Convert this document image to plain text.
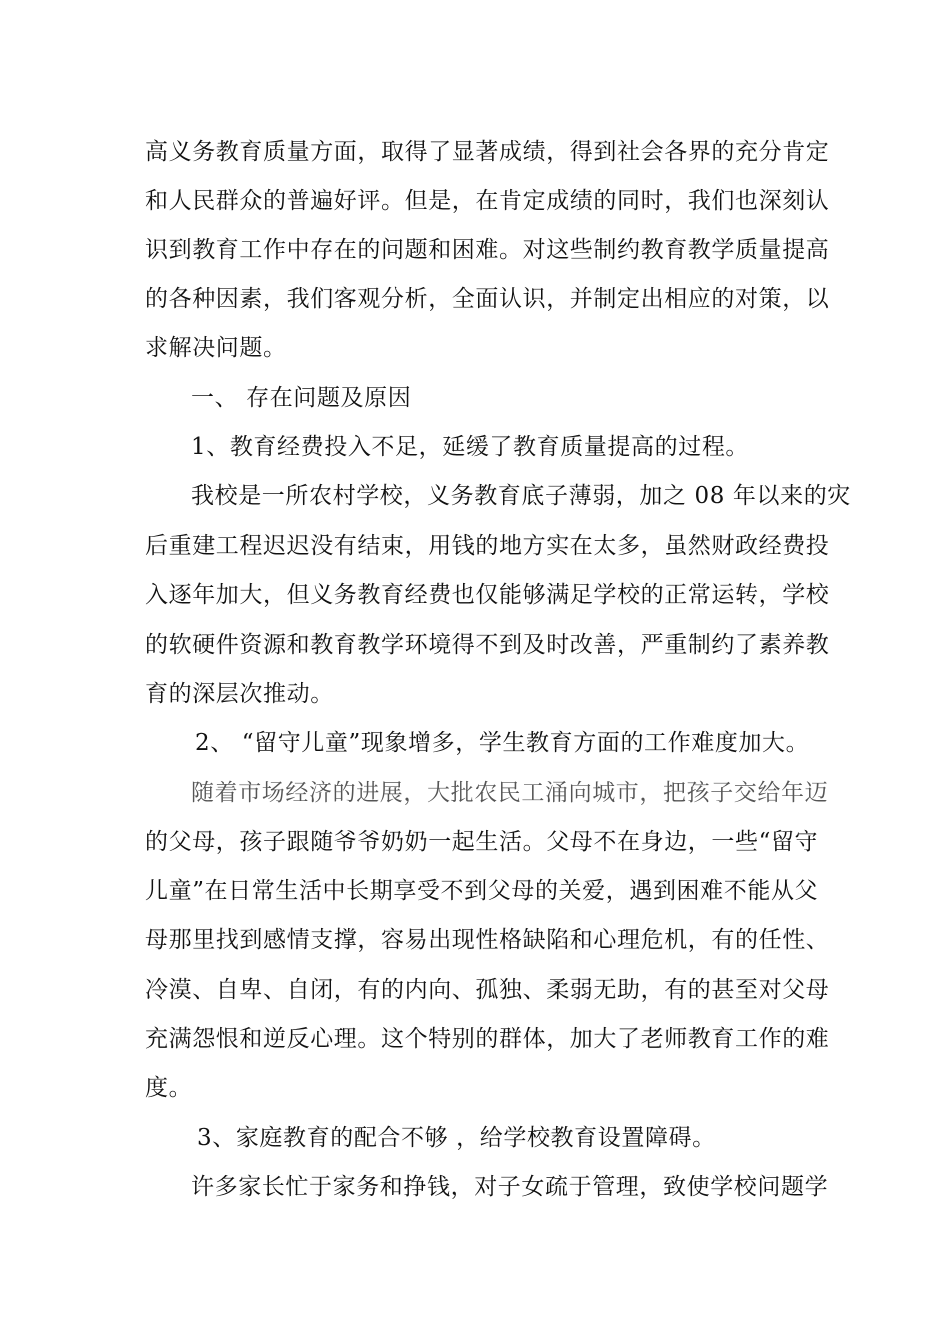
高义务教育质量方面，取得了显著成绩，得到社会各界的充分肯定
和人民群众的普遍好评。但是，在肯定成绩的同时，我们也深刻认
识到教育工作中存在的问题和困难。对这些制约教育教学质量提高
的各种因素，我们客观分析，全面认识，并制定出相应的对策，以
求解决问题。
一、 存在问题及原因
1、教育经费投入不足，延缓了教育质量提高的过程。
我校是一所农村学校，义务教育底子薄弱，加之 08 年以来的灾
后重建工程迟迟没有结束，用钱的地方实在太多，虽然财政经费投
入逐年加大，但义务教育经费也仅能够满足学校的正常运转，学校
的软硬件资源和教育教学环境得不到及时改善，严重制约了素养教
育的深层次推动。
2、 “留守儿童”现象增多，学生教育方面的工作难度加大。
随着市场经济的进展，大批农民工涌向城市，把孩子交给年迈
的父母，孩子跟随爷爷奶奶一起生活。父母不在身边，一些“留守
儿童”在日常生活中长期享受不到父母的关爱，遇到困难不能从父
母那里找到感情支撑，容易出现性格缺陷和心理危机，有的任性、
冷漠、自卑、自闭，有的内向、孤独、柔弱无助，有的甚至对父母
充满怨恨和逆反心理。这个特别的群体，加大了老师教育工作的难
度。
3、家庭教育的配合不够 ，给学校教育设置障碍。
许多家长忙于家务和挣钱，对子女疏于管理，致使学校问题学
